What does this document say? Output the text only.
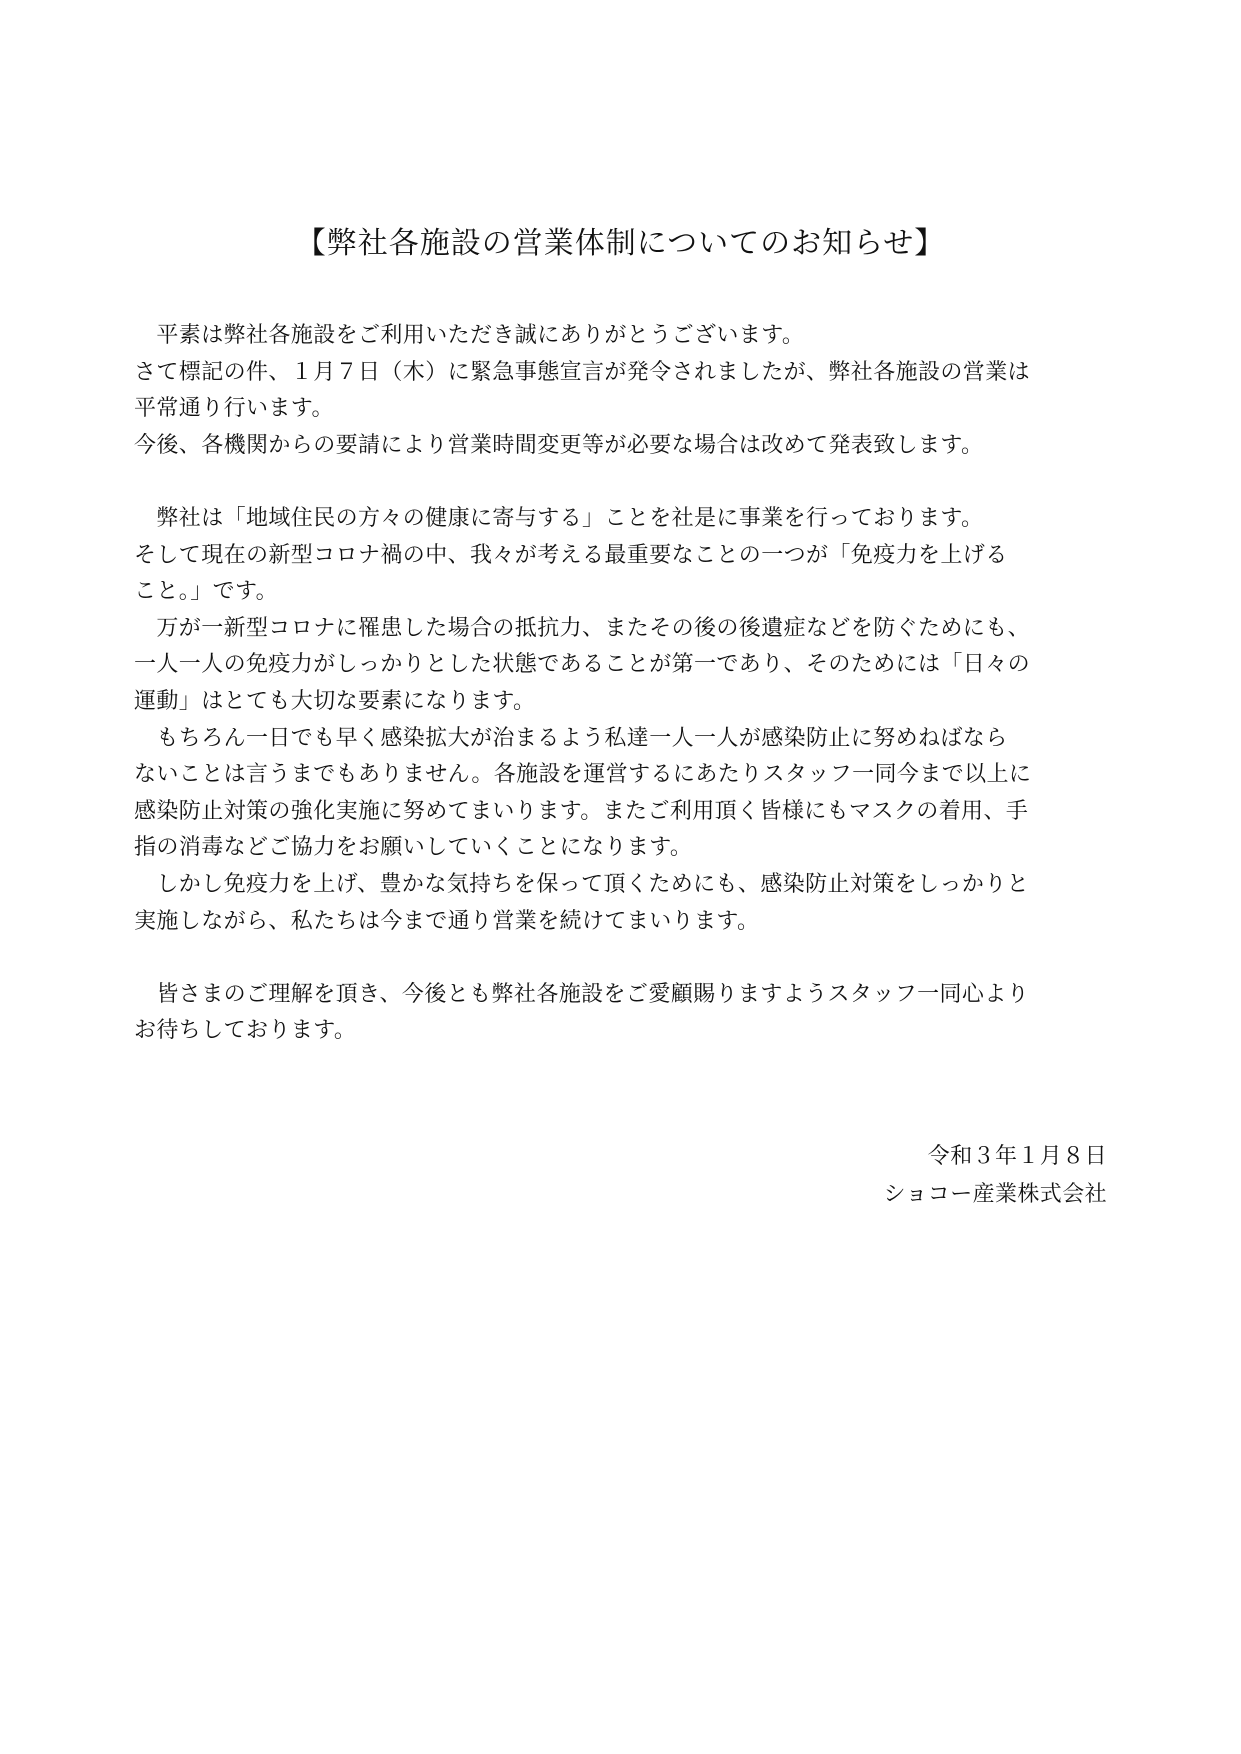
【弊社各施設の営業体制についてのお知らせ】
　平素は弊社各施設をご利用いただき誠にありがとうございます。
さて標記の件、１月７日（木）に緊急事態宣言が発令されましたが、弊社各施設の営業は
平常通り行います。
今後、各機関からの要請により営業時間変更等が必要な場合は改めて発表致します。
　弊社は「地域住民の方々の健康に寄与する」ことを社是に事業を行っております。
そして現在の新型コロナ禍の中、我々が考える最重要なことの一つが「免疫力を上げる
こと。」です。
　万が一新型コロナに罹患した場合の抵抗力、またその後の後遺症などを防ぐためにも、
一人一人の免疫力がしっかりとした状態であることが第一であり、そのためには「日々の
運動」はとても大切な要素になります。
　もちろん一日でも早く感染拡大が治まるよう私達一人一人が感染防止に努めねばなら
ないことは言うまでもありません。各施設を運営するにあたりスタッフ一同今まで以上に
感染防止対策の強化実施に努めてまいります。またご利用頂く皆様にもマスクの着用、手
指の消毒などご協力をお願いしていくことになります。
　しかし免疫力を上げ、豊かな気持ちを保って頂くためにも、感染防止対策をしっかりと
実施しながら、私たちは今まで通り営業を続けてまいります。
　皆さまのご理解を頂き、今後とも弊社各施設をご愛顧賜りますようスタッフ一同心より
お待ちしております。
令和３年１月８日
ショコー産業株式会社
